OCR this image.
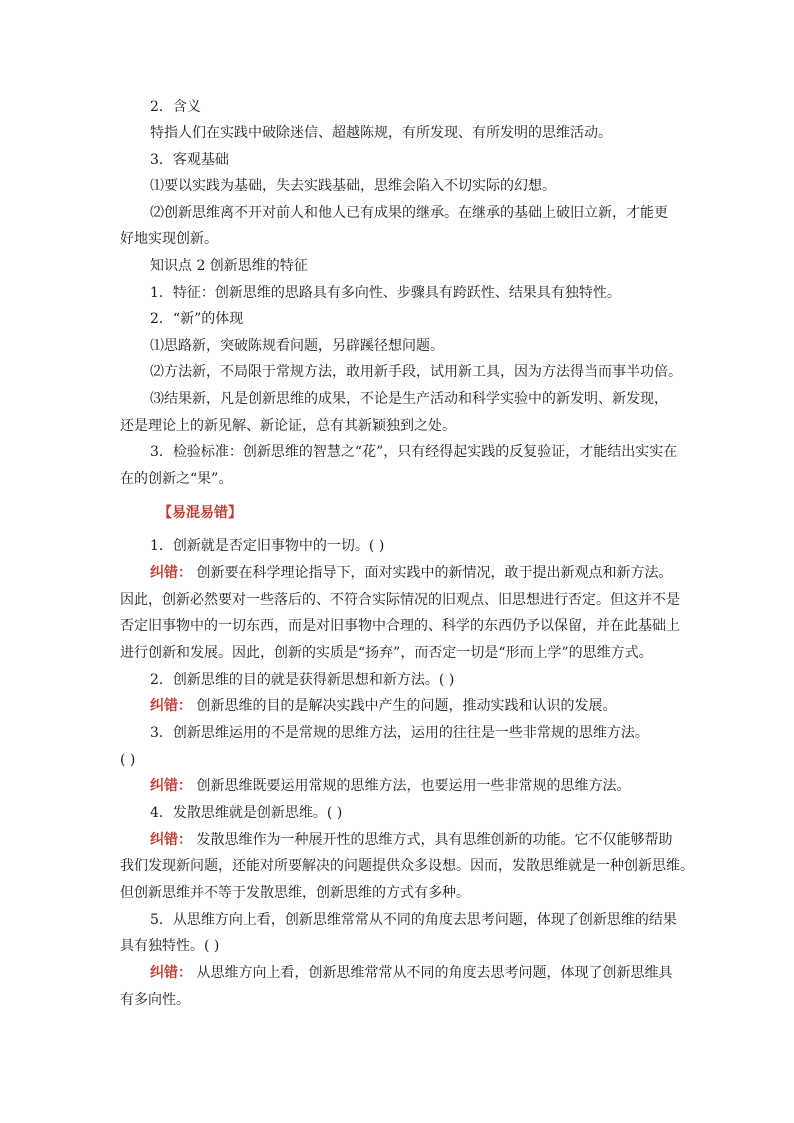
2．含义
特指人们在实践中破除迷信、超越陈规，有所发现、有所发明的思维活动。
3．客观基础
⑴要以实践为基础，失去实践基础，思维会陷入不切实际的幻想。
⑵创新思维离不开对前人和他人已有成果的继承。在继承的基础上破旧立新，才能更
好地实现创新。
知识点 2 创新思维的特征
1．特征：创新思维的思路具有多向性、步骤具有跨跃性、结果具有独特性。
2．“新”的体现
⑴思路新，突破陈规看问题，另辟蹊径想问题。
⑵方法新，不局限于常规方法，敢用新手段，试用新工具，因为方法得当而事半功倍。
⑶结果新，凡是创新思维的成果，不论是生产活动和科学实验中的新发明、新发现，
还是理论上的新见解、新论证，总有其新颖独到之处。
3．检验标准：创新思维的智慧之“花”，只有经得起实践的反复验证，才能结出实实在
在的创新之“果”。
【易混易错】
1．创新就是否定旧事物中的一切。( )
纠错： 创新要在科学理论指导下，面对实践中的新情况，敢于提出新观点和新方法。
因此，创新必然要对一些落后的、不符合实际情况的旧观点、旧思想进行否定。但这并不是
否定旧事物中的一切东西，而是对旧事物中合理的、科学的东西仍予以保留，并在此基础上
进行创新和发展。因此，创新的实质是“扬弃”，而否定一切是“形而上学”的思维方式。
2．创新思维的目的就是获得新思想和新方法。( )
纠错： 创新思维的目的是解决实践中产生的问题，推动实践和认识的发展。
3．创新思维运用的不是常规的思维方法，运用的往往是一些非常规的思维方法。
( )
纠错： 创新思维既要运用常规的思维方法，也要运用一些非常规的思维方法。
4．发散思维就是创新思维。( )
纠错： 发散思维作为一种展开性的思维方式，具有思维创新的功能。它不仅能够帮助
我们发现新问题，还能对所要解决的问题提供众多设想。因而，发散思维就是一种创新思维。
但创新思维并不等于发散思维，创新思维的方式有多种。
5．从思维方向上看，创新思维常常从不同的角度去思考问题，体现了创新思维的结果
具有独特性。( )
纠错： 从思维方向上看，创新思维常常从不同的角度去思考问题，体现了创新思维具
有多向性。
